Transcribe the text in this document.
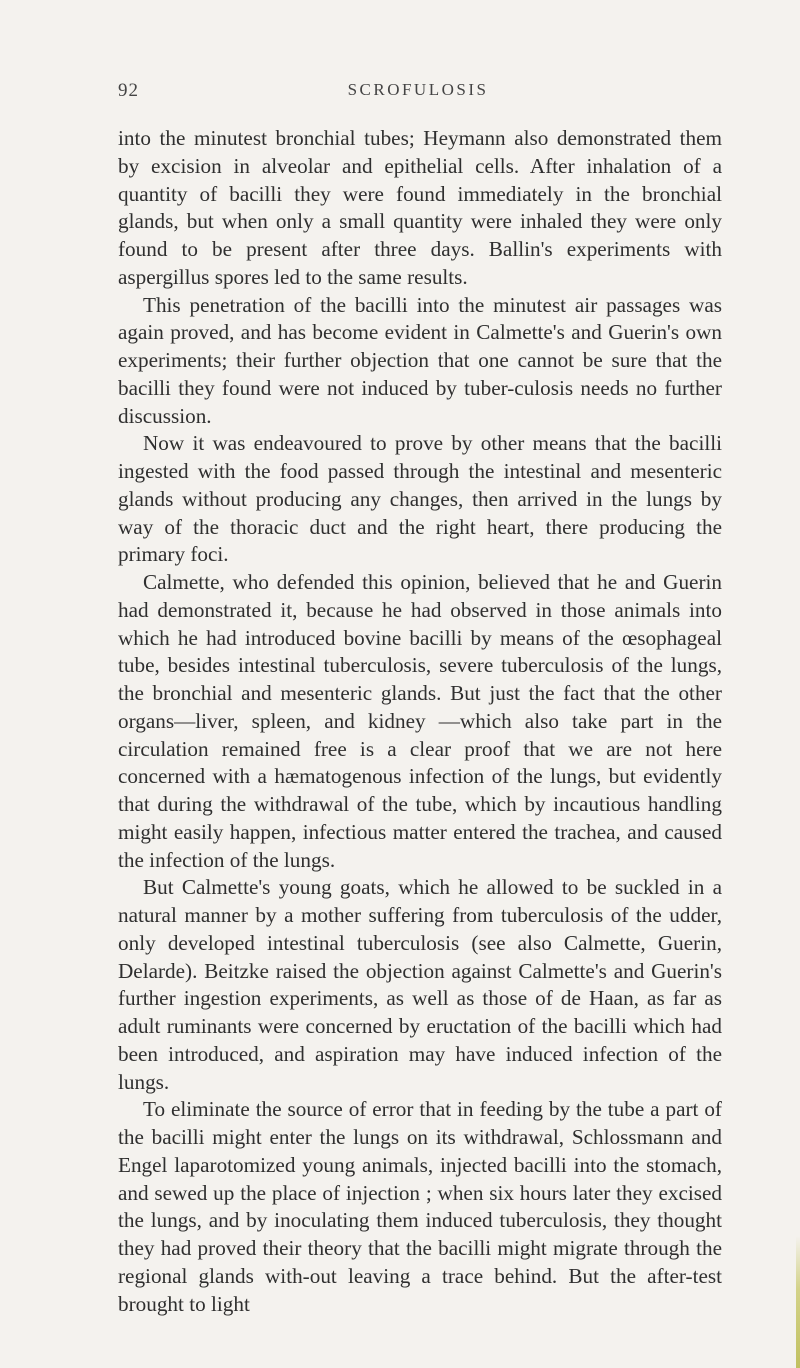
92	SCROFULOSIS

into the minutest bronchial tubes; Heymann also demonstrated them by excision in alveolar and epithelial cells. After inhalation of a quantity of bacilli they were found immediately in the bronchial glands, but when only a small quantity were inhaled they were only found to be present after three days. Ballin's experiments with aspergillus spores led to the same results.

This penetration of the bacilli into the minutest air passages was again proved, and has become evident in Calmette's and Guerin's own experiments; their further objection that one cannot be sure that the bacilli they found were not induced by tuber-culosis needs no further discussion.

Now it was endeavoured to prove by other means that the bacilli ingested with the food passed through the intestinal and mesenteric glands without producing any changes, then arrived in the lungs by way of the thoracic duct and the right heart, there producing the primary foci.

Calmette, who defended this opinion, believed that he and Guerin had demonstrated it, because he had observed in those animals into which he had introduced bovine bacilli by means of the œsophageal tube, besides intestinal tuberculosis, severe tuberculosis of the lungs, the bronchial and mesenteric glands. But just the fact that the other organs—liver, spleen, and kidney —which also take part in the circulation remained free is a clear proof that we are not here concerned with a hæmatogenous infection of the lungs, but evidently that during the withdrawal of the tube, which by incautious handling might easily happen, infectious matter entered the trachea, and caused the infection of the lungs.

But Calmette's young goats, which he allowed to be suckled in a natural manner by a mother suffering from tuberculosis of the udder, only developed intestinal tuberculosis (see also Calmette, Guerin, Delarde). Beitzke raised the objection against Calmette's and Guerin's further ingestion experiments, as well as those of de Haan, as far as adult ruminants were concerned by eructation of the bacilli which had been introduced, and aspiration may have induced infection of the lungs.

To eliminate the source of error that in feeding by the tube a part of the bacilli might enter the lungs on its withdrawal, Schlossmann and Engel laparotomized young animals, injected bacilli into the stomach, and sewed up the place of injection ; when six hours later they excised the lungs, and by inoculating them induced tuberculosis, they thought they had proved their theory that the bacilli might migrate through the regional glands with-out leaving a trace behind. But the after-test brought to light
